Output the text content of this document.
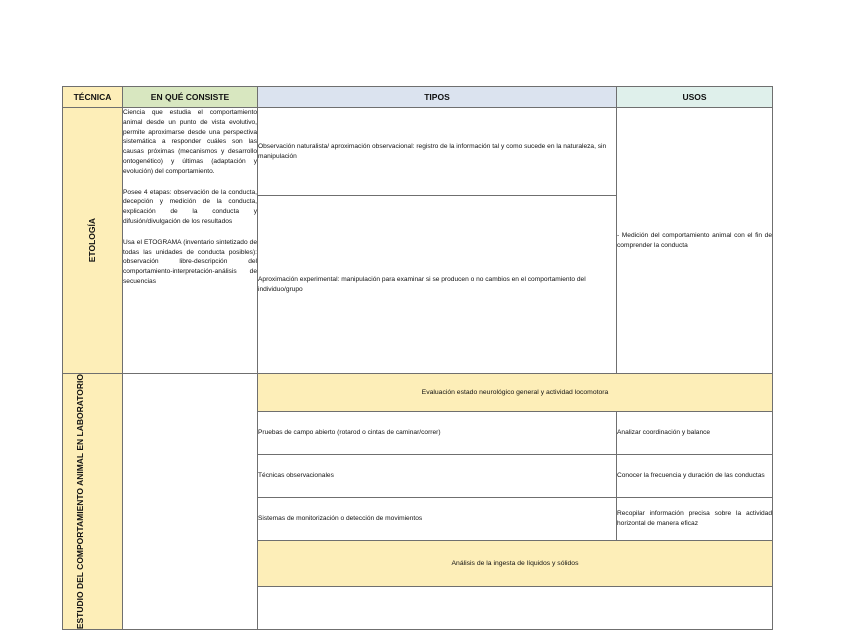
TÉCNICA	EN QUÉ CONSISTE	TIPOS	USOS

ETOLOGÍA	Ciencia que estudia el comportamiento animal desde un punto de vista evolutivo, permite aproximarse desde una perspectiva sistemática a responder cuáles son las causas próximas (mecanismos y desarrollo ontogenético) y últimas (adaptación y evolución) del comportamiento.

Posee 4 etapas: observación de la conducta, decepción y medición de la conducta, explicación de la conducta y difusión/divulgación de los resultados

Usa el ETOGRAMA (inventario sintetizado de todas las unidades de conducta posibles): observación libre-descripción del comportamiento-interpretación-análisis de secuencias	Observación naturalista/ aproximación observacional: registro de la información tal y como sucede en la naturaleza, sin manipulación	- Medición del comportamiento animal con el fin de comprender la conducta
		Aproximación experimental: manipulación para examinar si se producen o no cambios en el comportamiento del individuo/grupo	

ESTUDIO DEL COMPORTAMIENTO ANIMAL EN LABORATORIO		Evaluación estado neurológico general y actividad locomotora	
		Pruebas de campo abierto (rotarod o cintas de caminar/correr)	Analizar coordinación y balance
		Técnicas observacionales	Conocer la frecuencia y duración de las conductas
		Sistemas de monitorización o detección de movimientos	Recopilar información precisa sobre la actividad horizontal de manera eficaz
		Análisis de la ingesta de líquidos y sólidos	
